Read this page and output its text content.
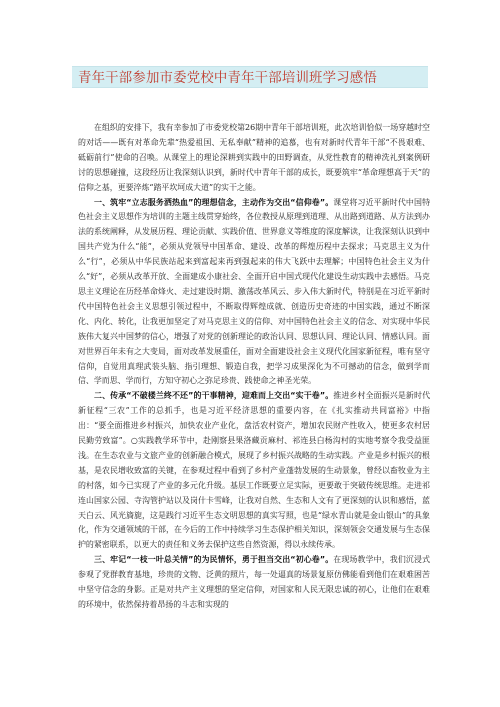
青年干部参加市委党校中青年干部培训班学习感悟

在组织的安排下，我有幸参加了市委党校第26期中青年干部培训班，此次培训恰似一场穿越时空的对话——既有对革命先辈“热爱祖国、无私奉献”精神的追慕，也有对新时代青年干部“不畏艰难、砥砺前行”使命的召唤。从课堂上的理论深耕到实践中的田野调查，从党性教育的精神洗礼到案例研讨的思想碰撞，这段经历让我深刻认识到，新时代中青年干部的成长，既要筑牢“革命理想高于天”的信仰之基，更要淬炼“踏平坎坷成大道”的实干之能。

一、筑牢“立志服务洒热血”的理想信念，主动作为交出“信仰卷”。课堂将习近平新时代中国特色社会主义思想作为培训的主题主线贯穿始终，各位教授从原理到道理、从出路到道路、从方法到办法的系统阐释，从发展历程、理论贡献、实践价值、世界意义等维度的深度解读，让我深刻认识到中国共产党为什么“能”，必须从党领导中国革命、建设、改革的辉煌历程中去探求；马克思主义为什么“行”，必须从中华民族站起来到富起来再到强起来的伟大飞跃中去理解；中国特色社会主义为什么“好”，必须从改革开放、全面建成小康社会、全面开启中国式现代化建设生动实践中去感悟。马克思主义理论在历经革命烽火、走过建设时期、激荡改革风云、步入伟大新时代，特别是在习近平新时代中国特色社会主义思想引领过程中，不断取得辉煌成就、创造历史奇迹的中国实践，通过不断深化、内化、转化，让我更加坚定了对马克思主义的信仰、对中国特色社会主义的信念、对实现中华民族伟大复兴中国梦的信心，增强了对党的创新理论的政治认同、思想认同、理论认同、情感认同。面对世界百年未有之大变局，面对改革发展重任，面对全面建设社会主义现代化国家新征程，唯有坚守信仰，自觉用真理武装头脑、指引理想、锻造自我，把学习成果深化为不可撼动的信念，做到学而信、学而思、学而行，方知守初心之弥足珍贵、践使命之神圣光荣。

二、传承“不破楼兰终不还”的干事精神，迎难而上交出“实干卷”。推进乡村全面振兴是新时代新征程“三农”工作的总抓手，也是习近平经济思想的重要内容，在《扎实推动共同富裕》中指出：“要全面推进乡村振兴，加快农业产业化，盘活农村资产，增加农民财产性收入，使更多农村居民勤劳致富”。○实践教学环节中，赴刚察县果洛藏贡麻村、祁连县白杨沟村的实地考察令我受益匪浅。在生态农业与文旅产业的创新融合模式，展现了乡村振兴战略的生动实践。产业是乡村振兴的根基，是农民增收致富的关键，在参观过程中看到了乡村产业蓬勃发展的生动景象，曾经以畜牧业为主的村落，如今已实现了产业的多元化升级。基层工作既要立足实际，更要敢于突破传统思维。走进祁连山国家公园、寺沟管护站以及岗什卡雪峰，让我对自然、生态和人文有了更深刻的认识和感悟，蓝天白云、风光旖旎，这是践行习近平生态文明思想的真实写照，也是“绿水青山就是金山银山”的具象化，作为交通领域的干部，在今后的工作中持续学习生态保护相关知识，深刻领会交通发展与生态保护的紧密联系，以更大的责任和义务去保护这些自然资源，得以永续传承。

三、牢记“一枝一叶总关情”的为民情怀，勇于担当交出“初心卷”。在现场教学中，我们沉浸式参观了党群教育基地，珍贵的文物、泛黄的照片，每一处逼真的场景复原仿佛能看到他们在艰难困苦中坚守信念的身影。正是对共产主义理想的坚定信仰，对国家和人民无限忠诚的初心，让他们在艰难的环境中，依然保持着昂扬的斗志和实现的
